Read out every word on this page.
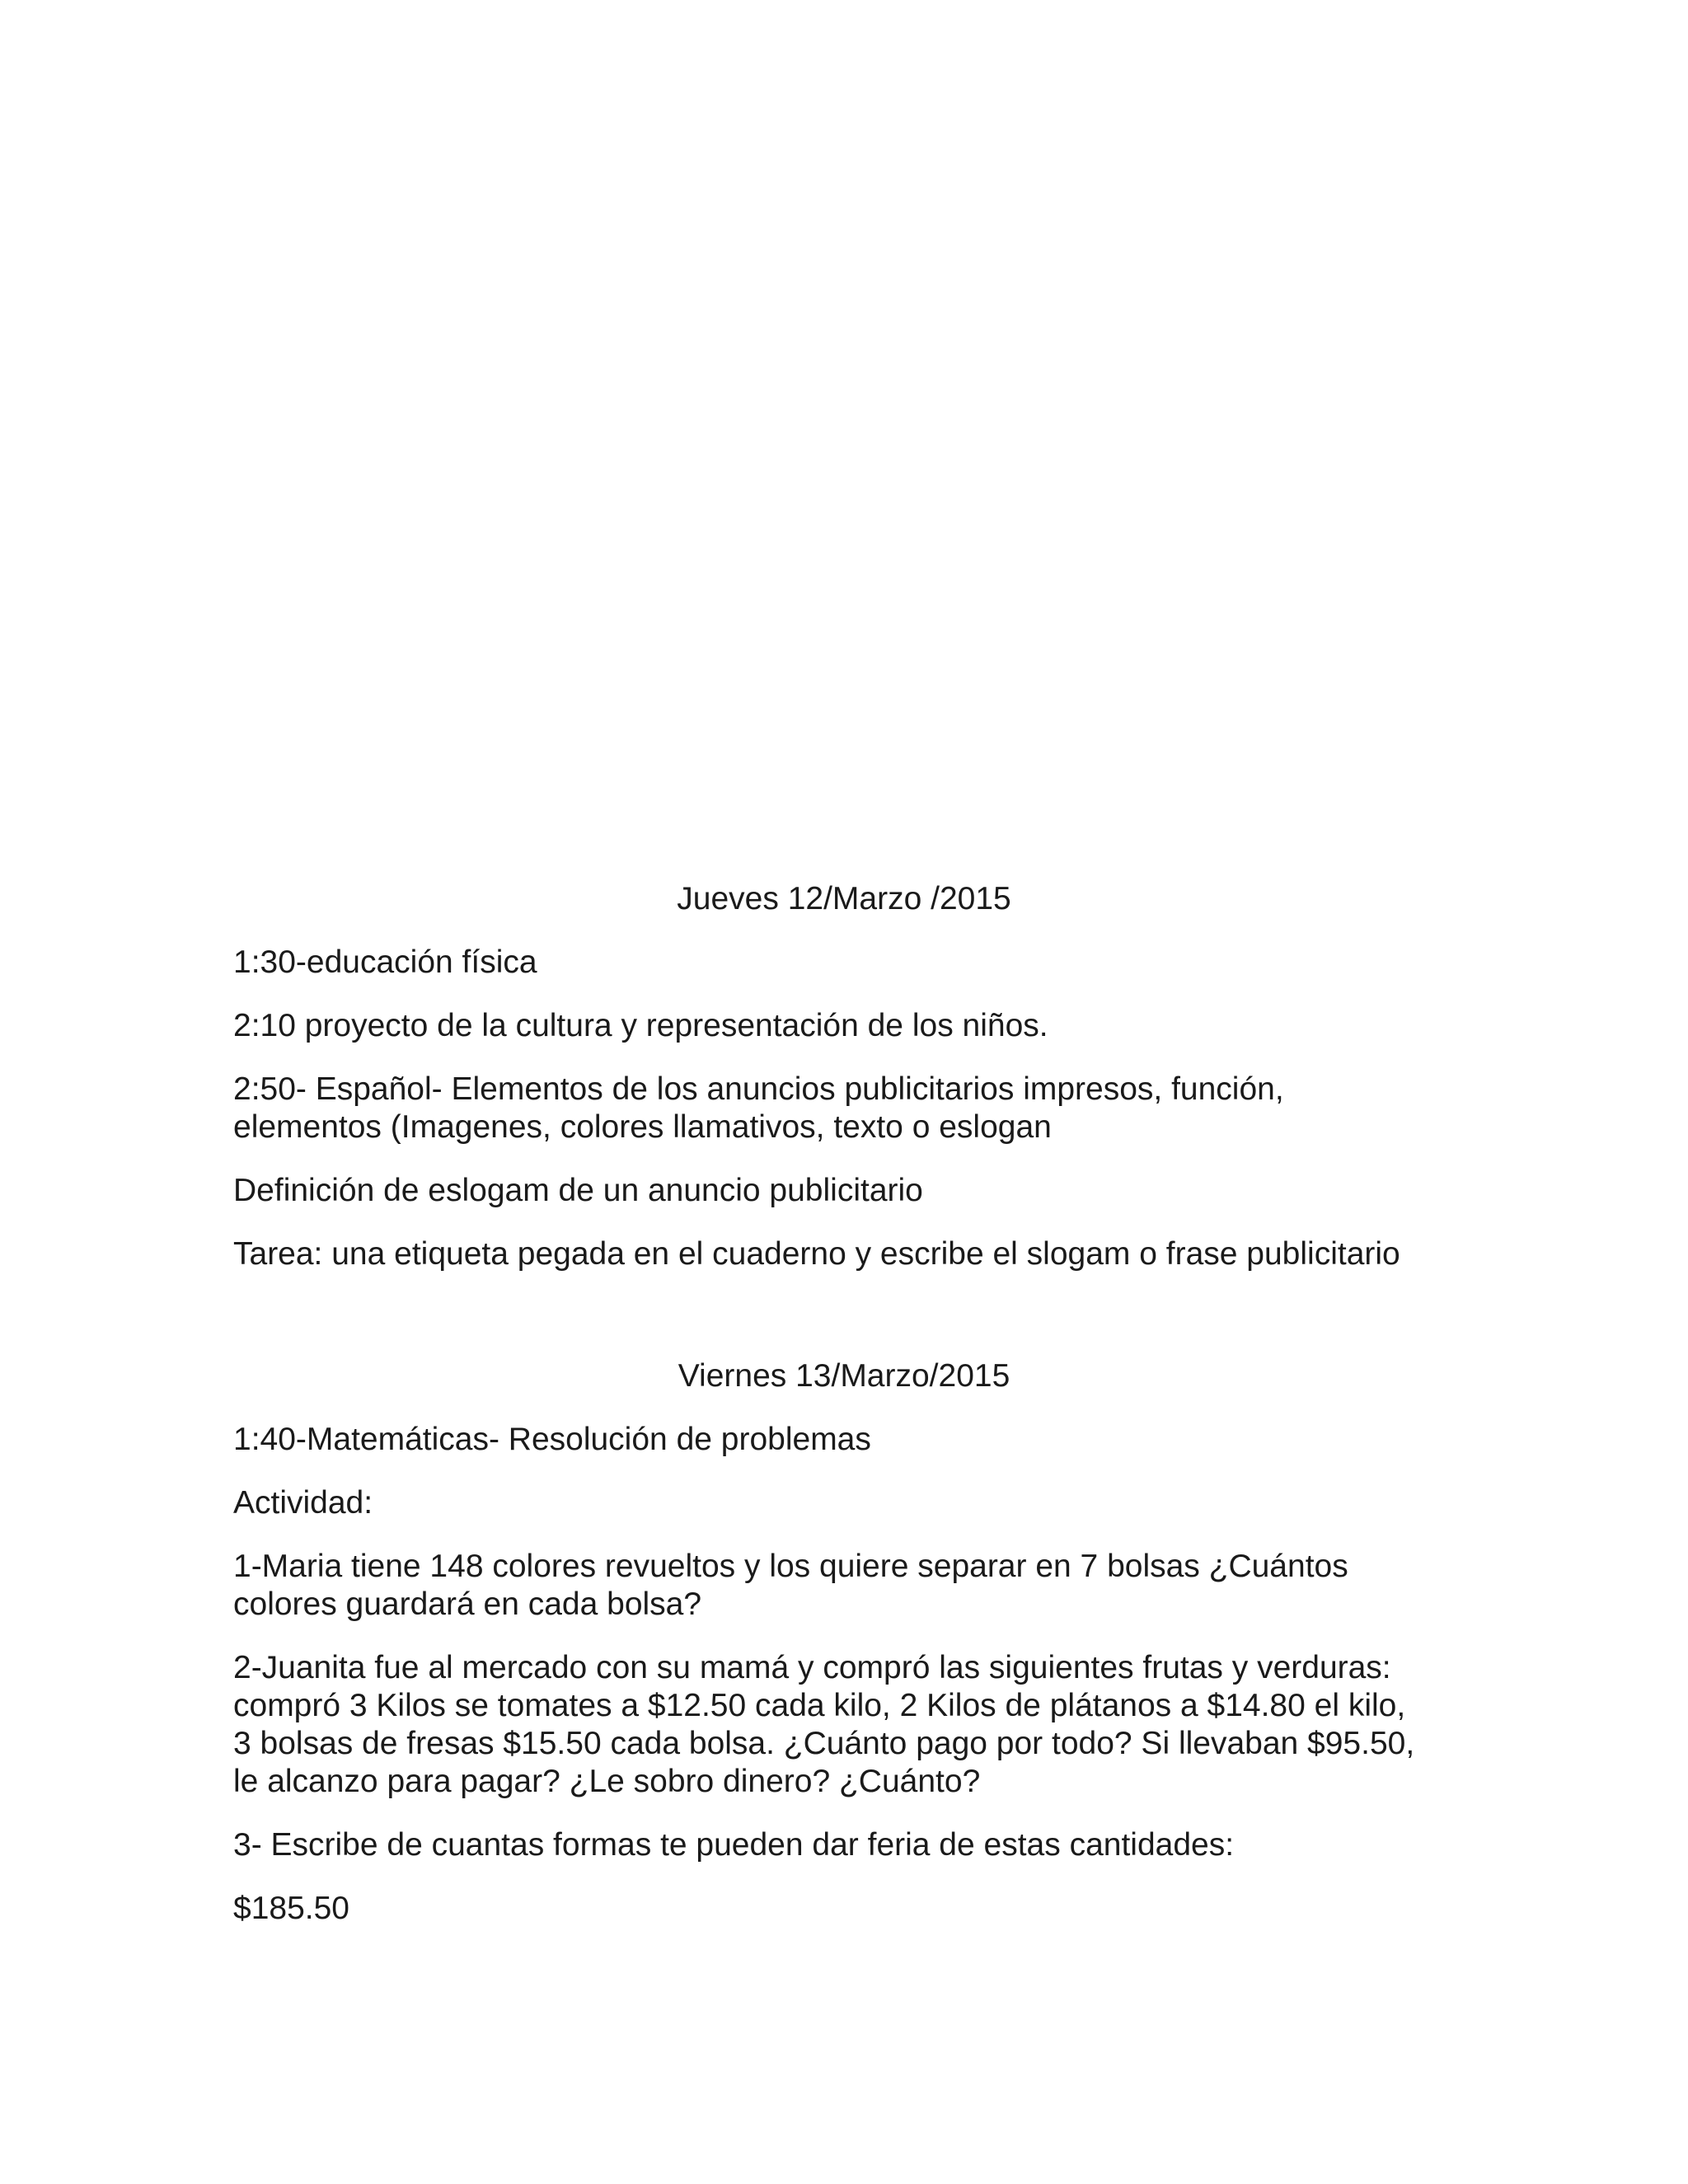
Jueves 12/Marzo /2015

1:30-educación física

2:10 proyecto de la cultura y representación de los niños.

2:50- Español- Elementos de los anuncios publicitarios impresos, función,

elementos (Imagenes, colores llamativos, texto o eslogan

Definición de eslogam de un anuncio publicitario

Tarea: una etiqueta pegada en el cuaderno y escribe el slogam o frase publicitario

Viernes 13/Marzo/2015

1:40-Matemáticas- Resolución de problemas

Actividad:

1-Maria tiene 148 colores revueltos y los quiere separar en 7 bolsas ¿Cuántos

colores guardará en cada bolsa?

2-Juanita fue al mercado con su mamá y compró las siguientes frutas y verduras:

compró 3 Kilos se tomates a $12.50 cada kilo, 2 Kilos de plátanos a $14.80 el kilo,

3 bolsas de fresas $15.50 cada bolsa. ¿Cuánto pago por todo? Si llevaban $95.50,

le alcanzo para pagar? ¿Le sobro dinero? ¿Cuánto?

3- Escribe de cuantas formas te pueden dar feria de estas cantidades:

$185.50
